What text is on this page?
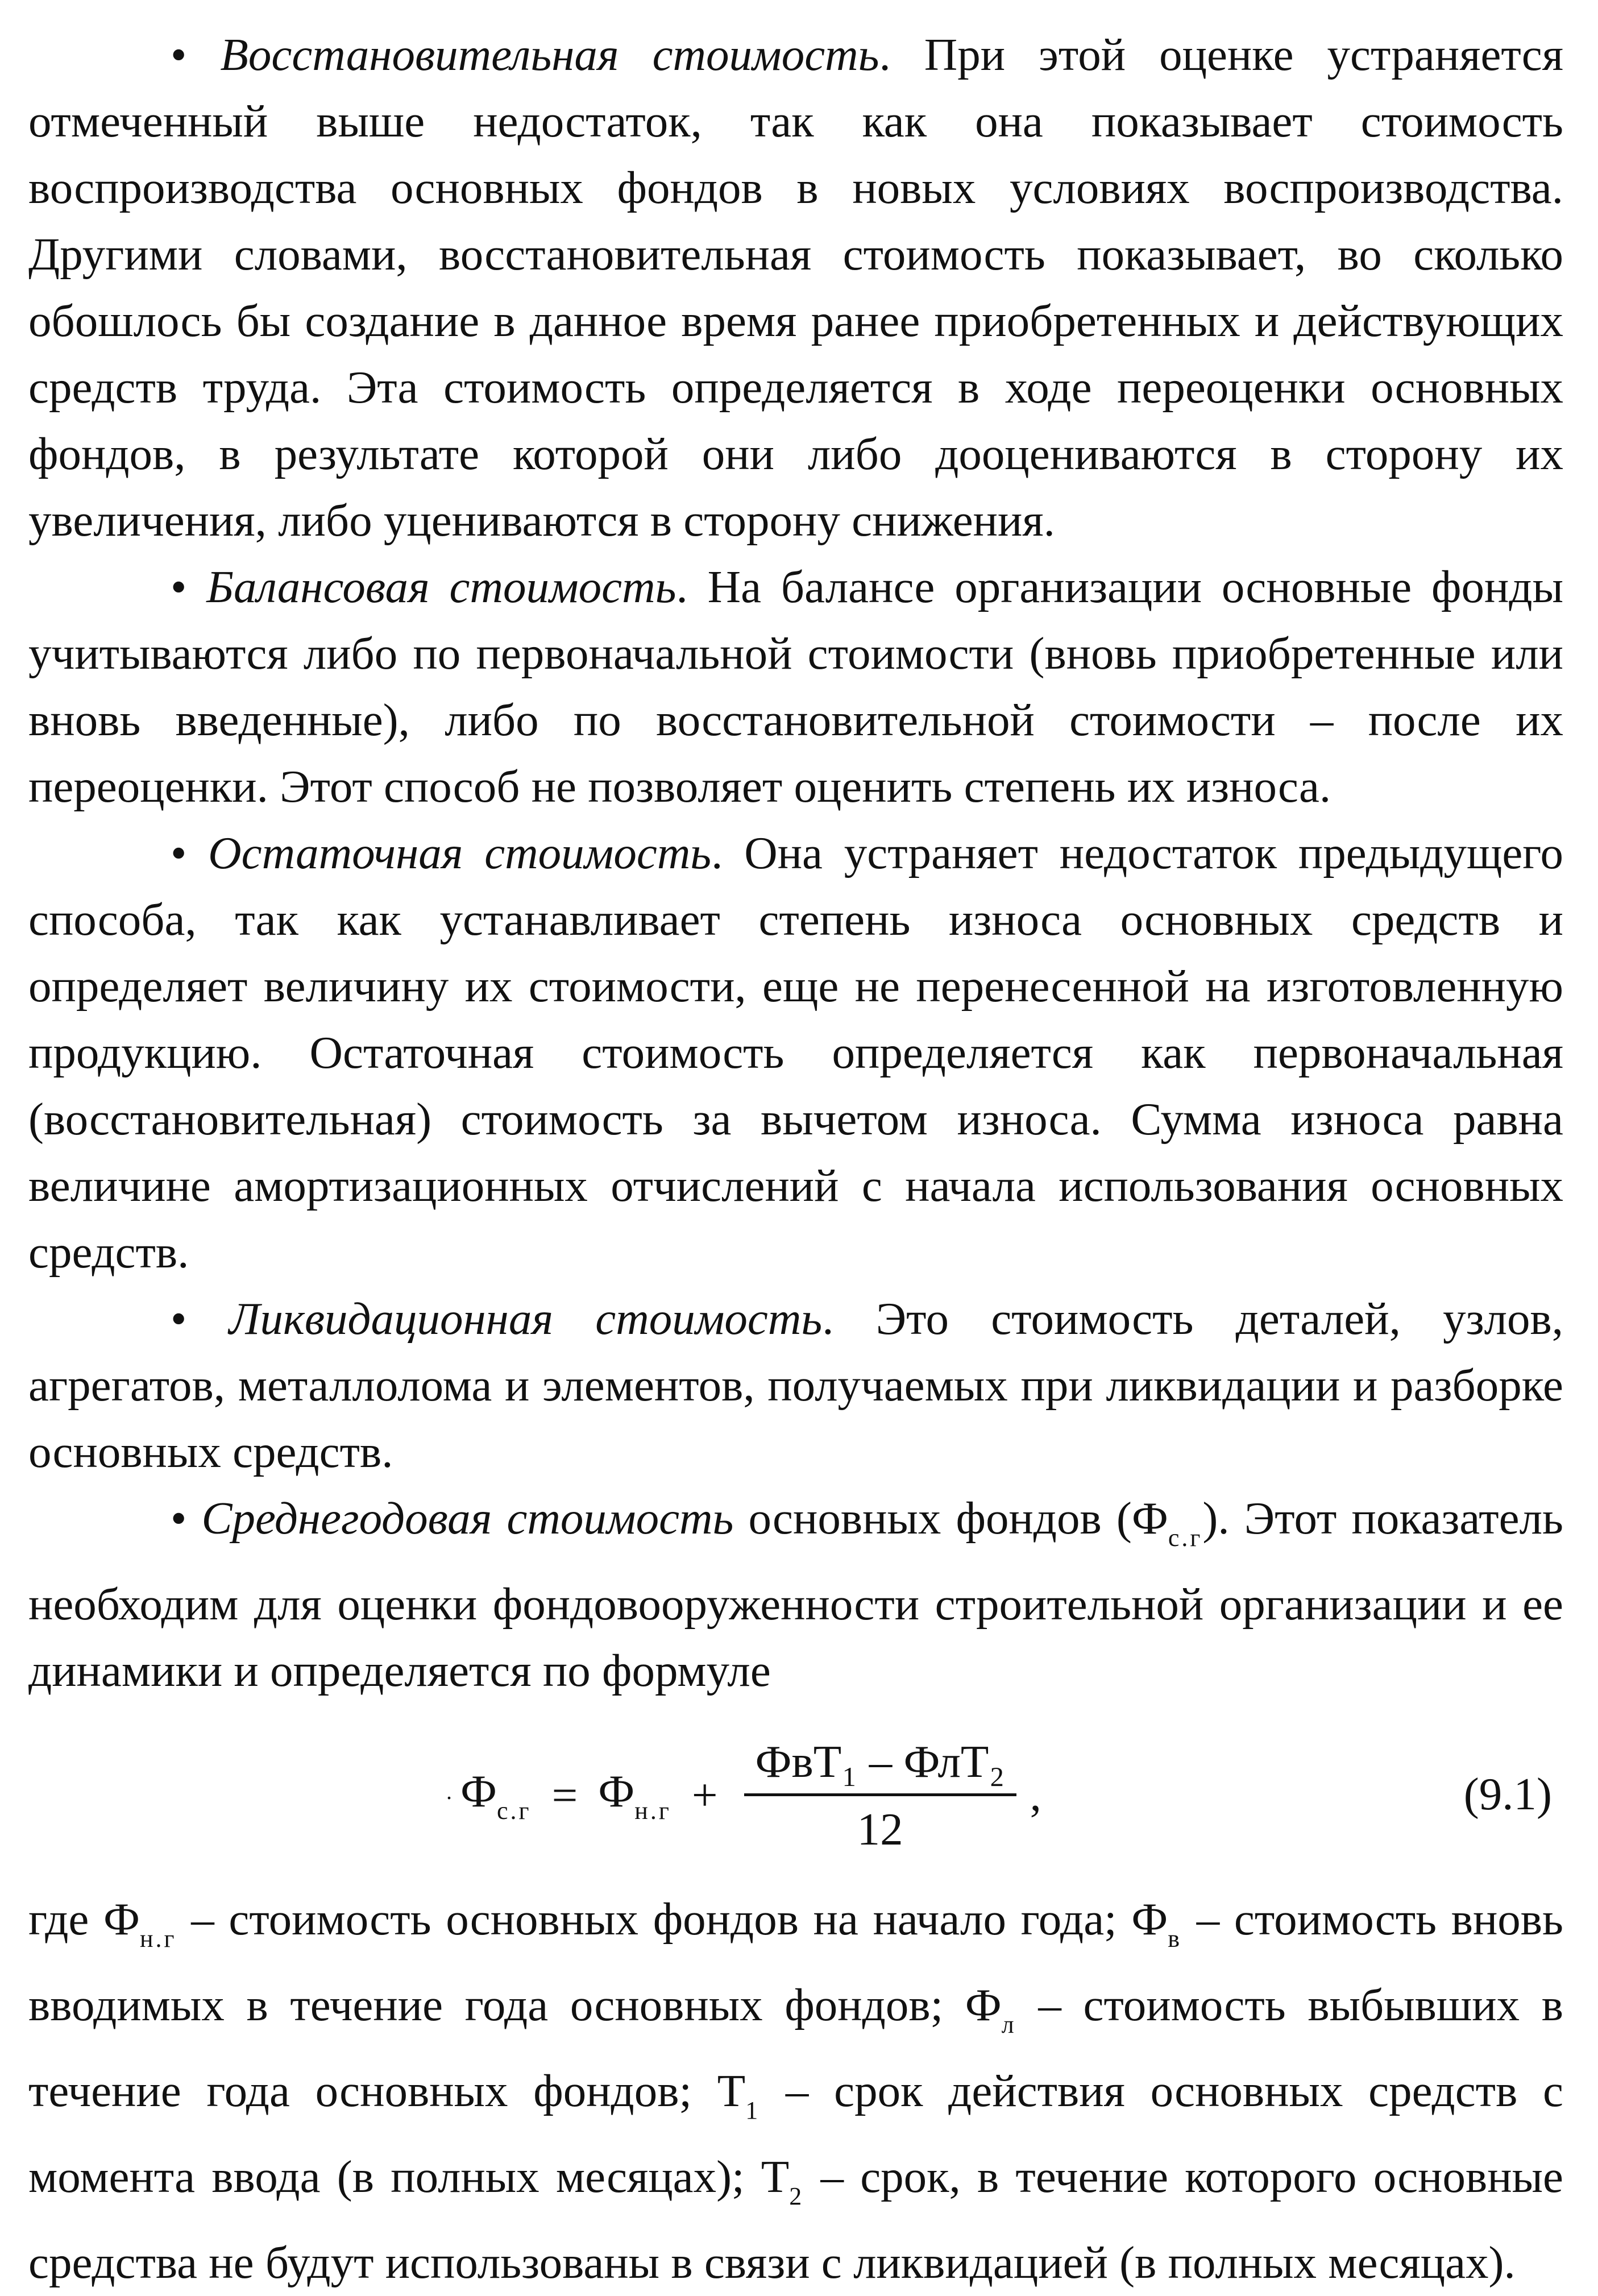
• Восстановительная стоимость. При этой оценке устраняется отмеченный выше недостаток, так как она показывает стоимость воспроизводства основных фондов в новых условиях воспроизводства. Другими словами, восстановительная стоимость показывает, во сколько обошлось бы создание в данное время ранее приобретенных и действующих средств труда. Эта стоимость определяется в ходе переоценки основных фондов, в результате которой они либо дооцениваются в сторону их увеличения, либо уцениваются в сторону снижения.

• Балансовая стоимость. На балансе организации основные фонды учитываются либо по первоначальной стоимости (вновь приобретенные или вновь введенные), либо по восстановительной стоимости – после их переоценки. Этот способ не позволяет оценить степень их износа.

• Остаточная стоимость. Она устраняет недостаток предыдущего способа, так как устанавливает степень износа основных средств и определяет величину их стоимости, еще не перенесенной на изготовленную продукцию. Остаточная стоимость определяется как первоначальная (восстановительная) стоимость за вычетом износа. Сумма износа равна величине амортизационных отчислений с начала использования основных средств.

• Ликвидационная стоимость. Это стоимость деталей, узлов, агрегатов, металлолома и элементов, получаемых при ликвидации и разборке основных средств.

• Среднегодовая стоимость основных фондов $(Ф_{с.г})$. Этот показатель необходим для оценки фондовооруженности строительной организации и ее динамики и определяется по формуле

. $Ф_{с.г} = Ф_{н.г}$ +
ФвT₁ – ФлT₂
12
,	(9.1)

где $Ф_{н.г}$ – стоимость основных фондов на начало года; $Ф_в$ – стоимость вновь вводимых в течение года основных фондов; $Ф_л$ – стоимость выбывших в течение года основных фондов; $Т_1$ – срок действия основных средств с момента ввода (в полных месяцах); $Т_2$ – срок, в течение которого основные средства не будут использованы в связи с ликвидацией (в полных месяцах).
